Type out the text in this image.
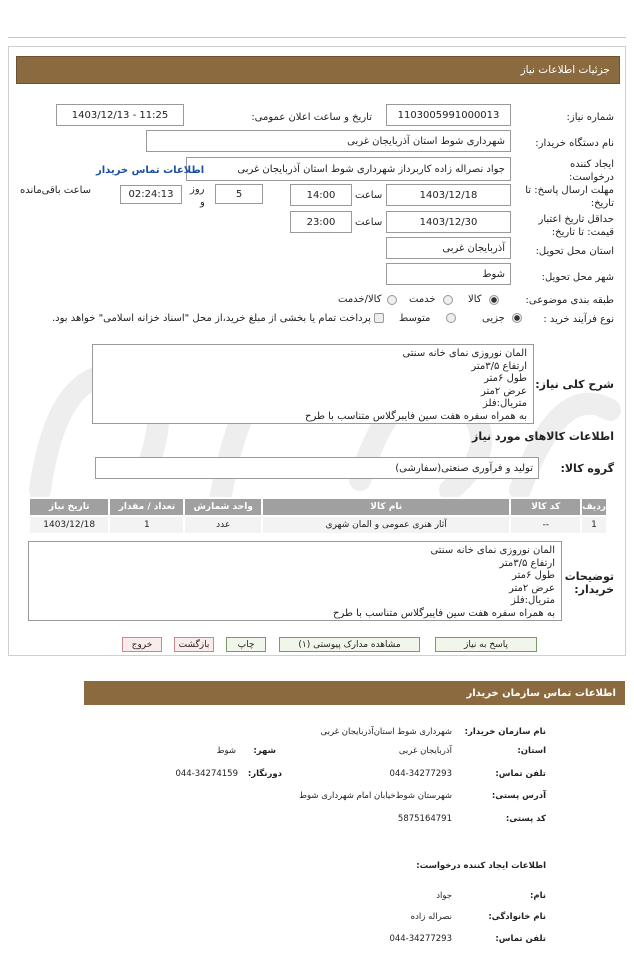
جزئیات اطلاعات نیاز
شماره نیاز:
1103005991000013
تاریخ و ساعت اعلان عمومی:
1403/12/13 - 11:25
نام دستگاه خریدار:
شهرداری شوط استان آذربایجان غربی
ایجاد کننده درخواست:
جواد نصراله زاده کاربرداز شهرداری شوط استان آذربایجان غربی
اطلاعات تماس خریدار
مهلت ارسال پاسخ: تا تاریخ:
1403/12/18
ساعت
14:00
5
روز
و
02:24:13
ساعت باقی‌مانده
حداقل تاریخ اعتبار قیمت: تا تاریخ:
1403/12/30
ساعت
23:00
استان محل تحویل:
آذربایجان غربی
شهر محل تحویل:
شوط
طبقه بندی موضوعی:
کالا
خدمت
کالا/خدمت
نوع فرآیند خرید :
جزیی
متوسط
پرداخت تمام یا بخشی از مبلغ خرید،از محل "اسناد خزانه اسلامی" خواهد بود.
شرح کلی نیاز:
المان نوروزی نمای خانه سنتی
ارتفاع ۳/۵متر
طول ۶متر
عرض ۲متر
متریال:فلز
به همراه سفره هفت سین فایبرگلاس متناسب با طرح
اطلاعات کالاهای مورد نیاز
گروه کالا:
تولید و فرآوری صنعتی(سفارشی)
ردیف	کد کالا	نام کالا	واحد شمارش	تعداد / مقدار	تاریخ نیاز
1	--	آثار هنری عمومی و المان شهری	عدد	1	1403/12/18
توضیحات خریدار:
المان نوروزی نمای خانه سنتی
ارتفاع ۳/۵متر
طول ۶متر
عرض ۲متر
متریال:فلز
به همراه سفره هفت سین فایبرگلاس متناسب با طرح
پاسخ به نیاز
مشاهده مدارک پیوستی (۱)
چاپ
بازگشت
خروج
اطلاعات تماس سازمان خریدار
نام سازمان خریدار:
شهرداری شوط استان‌آذربایجان غربی
استان:
آذربایجان غربی
شهر:
شوط
تلفن تماس:
044-34277293
دورنگار:
044-34274159
آدرس پستی:
شهرستان شوط‌خیابان امام شهرداری شوط
کد پستی:
5875164791
اطلاعات ایجاد کننده درخواست:
نام:
جواد
نام خانوادگی:
نصراله زاده
تلفن تماس:
044-34277293
